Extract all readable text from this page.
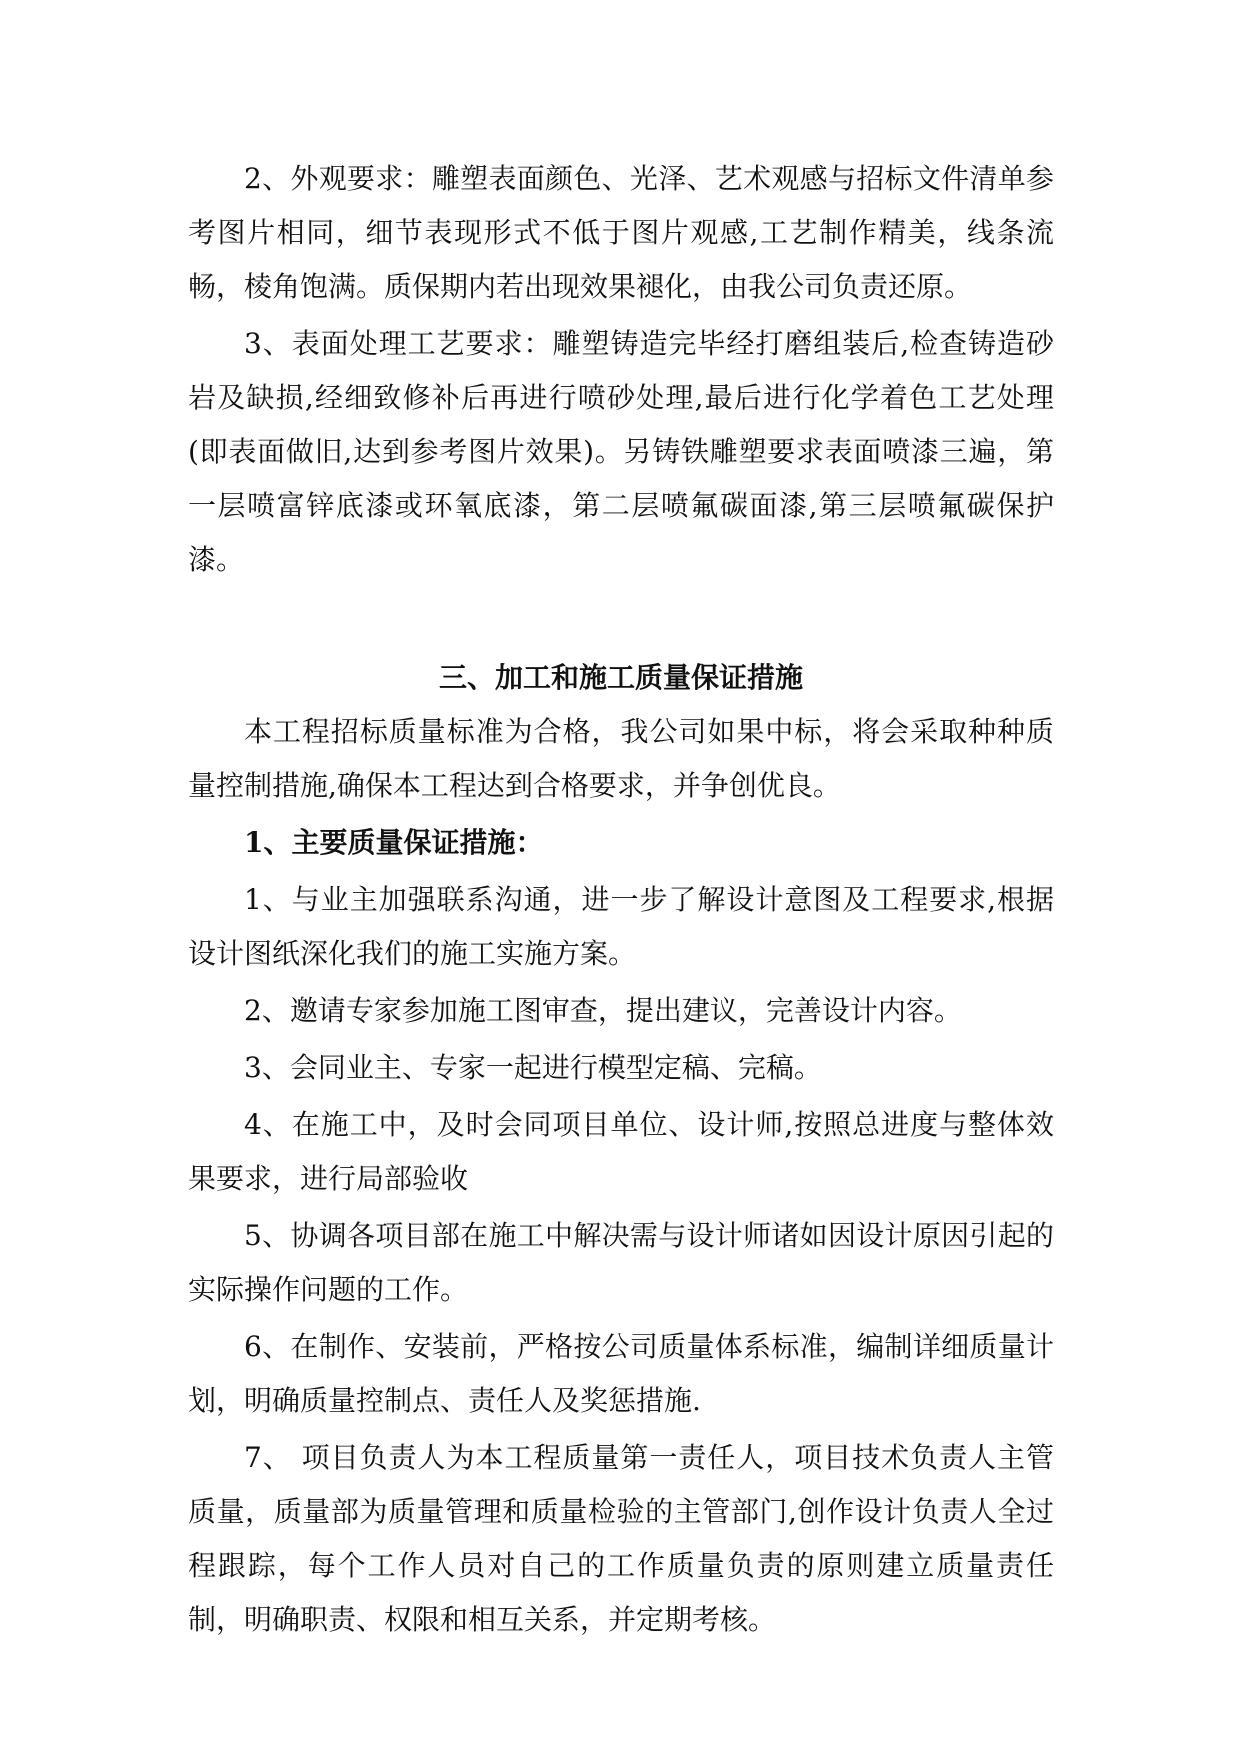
2、外观要求：雕塑表面颜色、光泽、艺术观感与招标文件清单参考图片相同，细节表现形式不低于图片观感,工艺制作精美，线条流畅，棱角饱满。质保期内若出现效果褪化，由我公司负责还原。

3、表面处理工艺要求：雕塑铸造完毕经打磨组装后,检查铸造砂岩及缺损,经细致修补后再进行喷砂处理,最后进行化学着色工艺处理(即表面做旧,达到参考图片效果)。另铸铁雕塑要求表面喷漆三遍，第一层喷富锌底漆或环氧底漆，第二层喷氟碳面漆,第三层喷氟碳保护漆。

三、加工和施工质量保证措施

本工程招标质量标准为合格，我公司如果中标，将会采取种种质量控制措施,确保本工程达到合格要求，并争创优良。

1、主要质量保证措施：

1、与业主加强联系沟通，进一步了解设计意图及工程要求,根据设计图纸深化我们的施工实施方案。

2、邀请专家参加施工图审查，提出建议，完善设计内容。

3、会同业主、专家一起进行模型定稿、完稿。

4、在施工中，及时会同项目单位、设计师,按照总进度与整体效果要求，进行局部验收

5、协调各项目部在施工中解决需与设计师诸如因设计原因引起的实际操作问题的工作。

6、在制作、安装前，严格按公司质量体系标准，编制详细质量计划，明确质量控制点、责任人及奖惩措施.

7、 项目负责人为本工程质量第一责任人，项目技术负责人主管质量，质量部为质量管理和质量检验的主管部门,创作设计负责人全过程跟踪，每个工作人员对自己的工作质量负责的原则建立质量责任制，明确职责、权限和相互关系，并定期考核。
